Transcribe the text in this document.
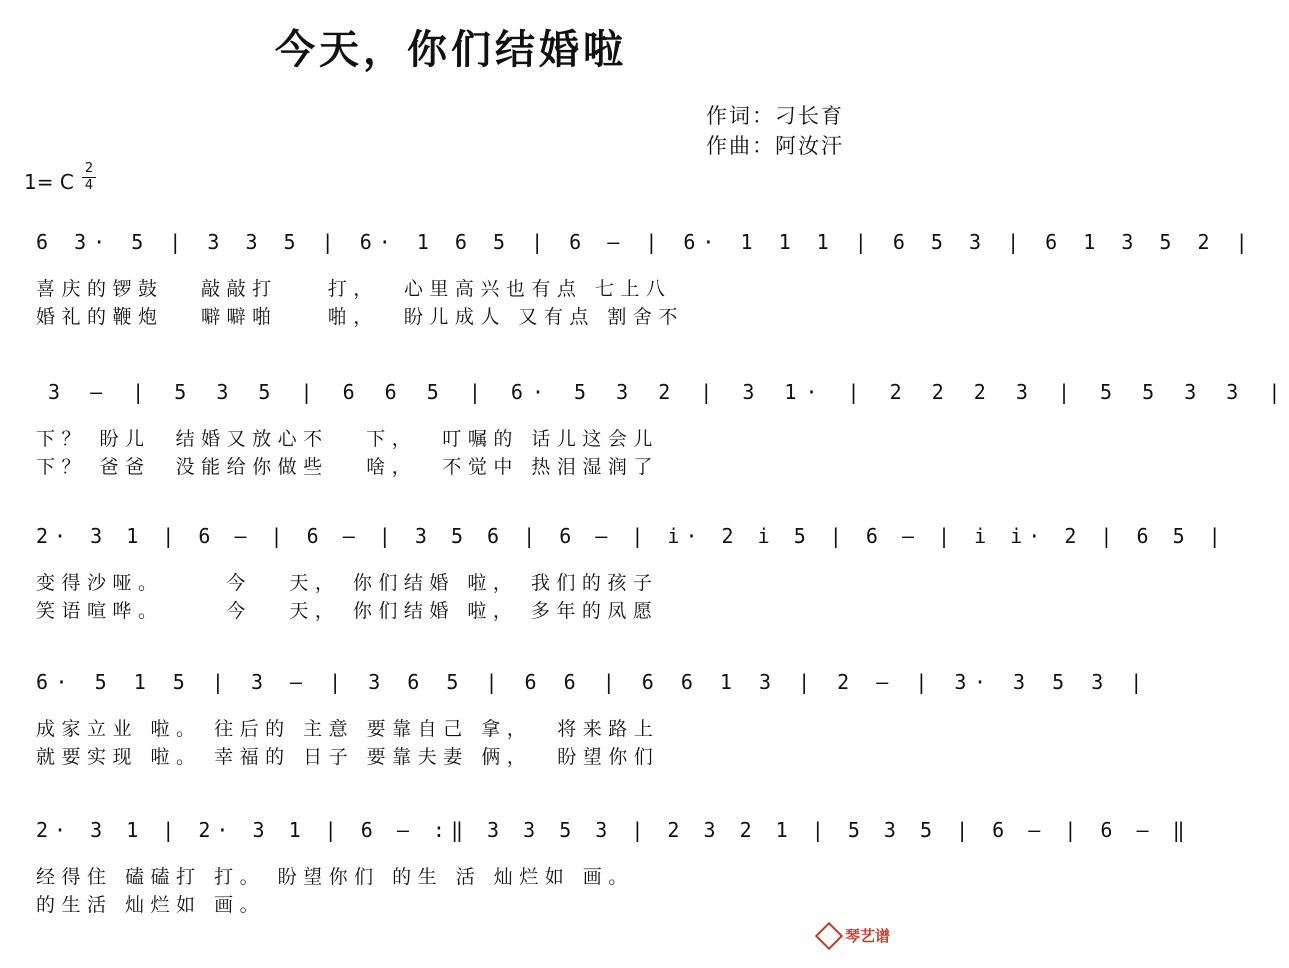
今天，你们结婚啦
作词：刁长育
作曲：阿汝汗
1= C
2
4
6 3· 5 | 3 3 5 | 6· 1 6 5 | 6 – | 6· 1 1 1 | 6 5 3 | 6 1 3 5 2 |
喜庆的锣鼓   敲敲打    打，  心里高兴也有点 七上八
婚礼的鞭炮   噼噼啪    啪，  盼儿成人 又有点 割舍不
3 – | 5 3 5 | 6 6 5 | 6· 5 3 2 | 3 1· | 2 2 2 3 | 5 5 3 3 |
下？ 盼儿  结婚又放心不   下，  叮嘱的 话儿这会儿
下？ 爸爸  没能给你做些   啥，  不觉中 热泪湿润了
2· 3 1 | 6 – | 6 – | 3 5 6 | 6 – | i· 2 i 5 | 6 – | i i· 2 | 6 5 |
变得沙哑。     今   天， 你们结婚 啦， 我们的孩子
笑语喧哗。     今   天， 你们结婚 啦， 多年的凤愿
6· 5 1 5 | 3 – | 3 6 5 | 6 6 | 6 6 1 3 | 2 – | 3· 3 5 3 |
成家立业 啦。 往后的 主意 要靠自己 拿，  将来路上
就要实现 啦。 幸福的 日子 要靠夫妻 俩，  盼望你们
2· 3 1 | 2· 3 1 | 6 – :‖ 3 3 5 3 | 2 3 2 1 | 5 3 5 | 6 – | 6 – ‖
经得住 磕磕打 打。 盼望你们 的生 活 灿烂如 画。
的生活 灿烂如 画。
琴艺谱
